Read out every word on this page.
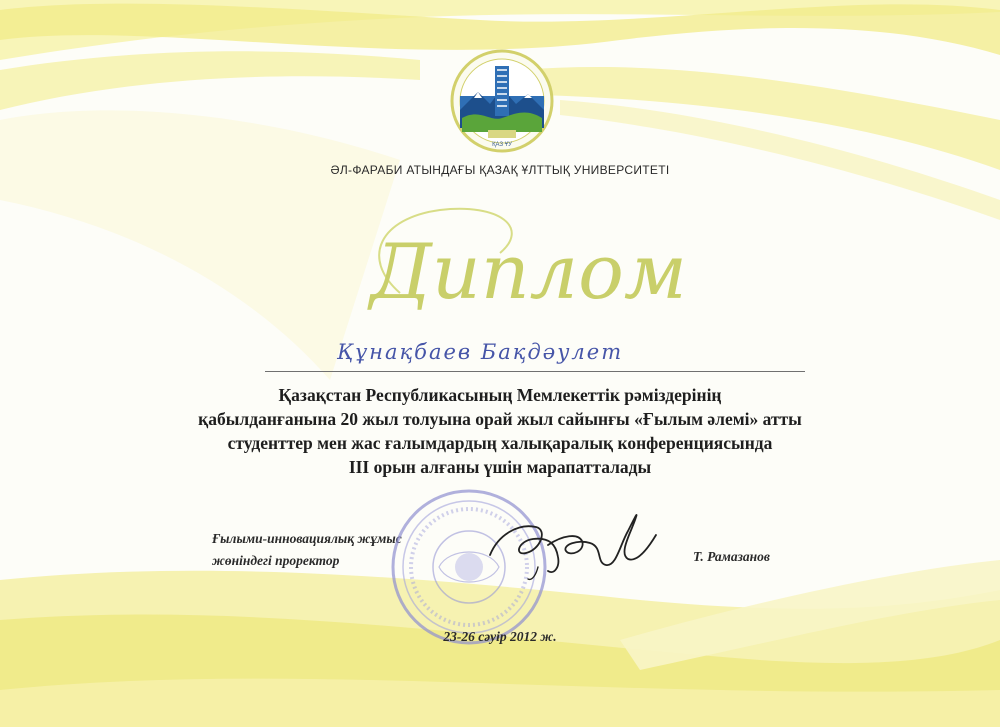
ҚАЗ ҰУ
ӘЛ-ФАРАБИ АТЫНДАҒЫ ҚАЗАҚ ҰЛТТЫҚ УНИВЕРСИТЕТІ
Диплом
Құнақбаев Бақдәулет
Қазақстан Республикасының Мемлекеттік рәміздерінің
қабылданғанына 20 жыл толуына орай жыл сайынғы «Ғылым әлемі» атты
студенттер мен жас ғалымдардың халықаралық конференциясында
ІІІ орын алғаны үшін марапатталады
Ғылыми-инновациялық жұмыс
жөніндегі проректор	Т. Рамазанов
23-26 сәуір 2012 ж.
